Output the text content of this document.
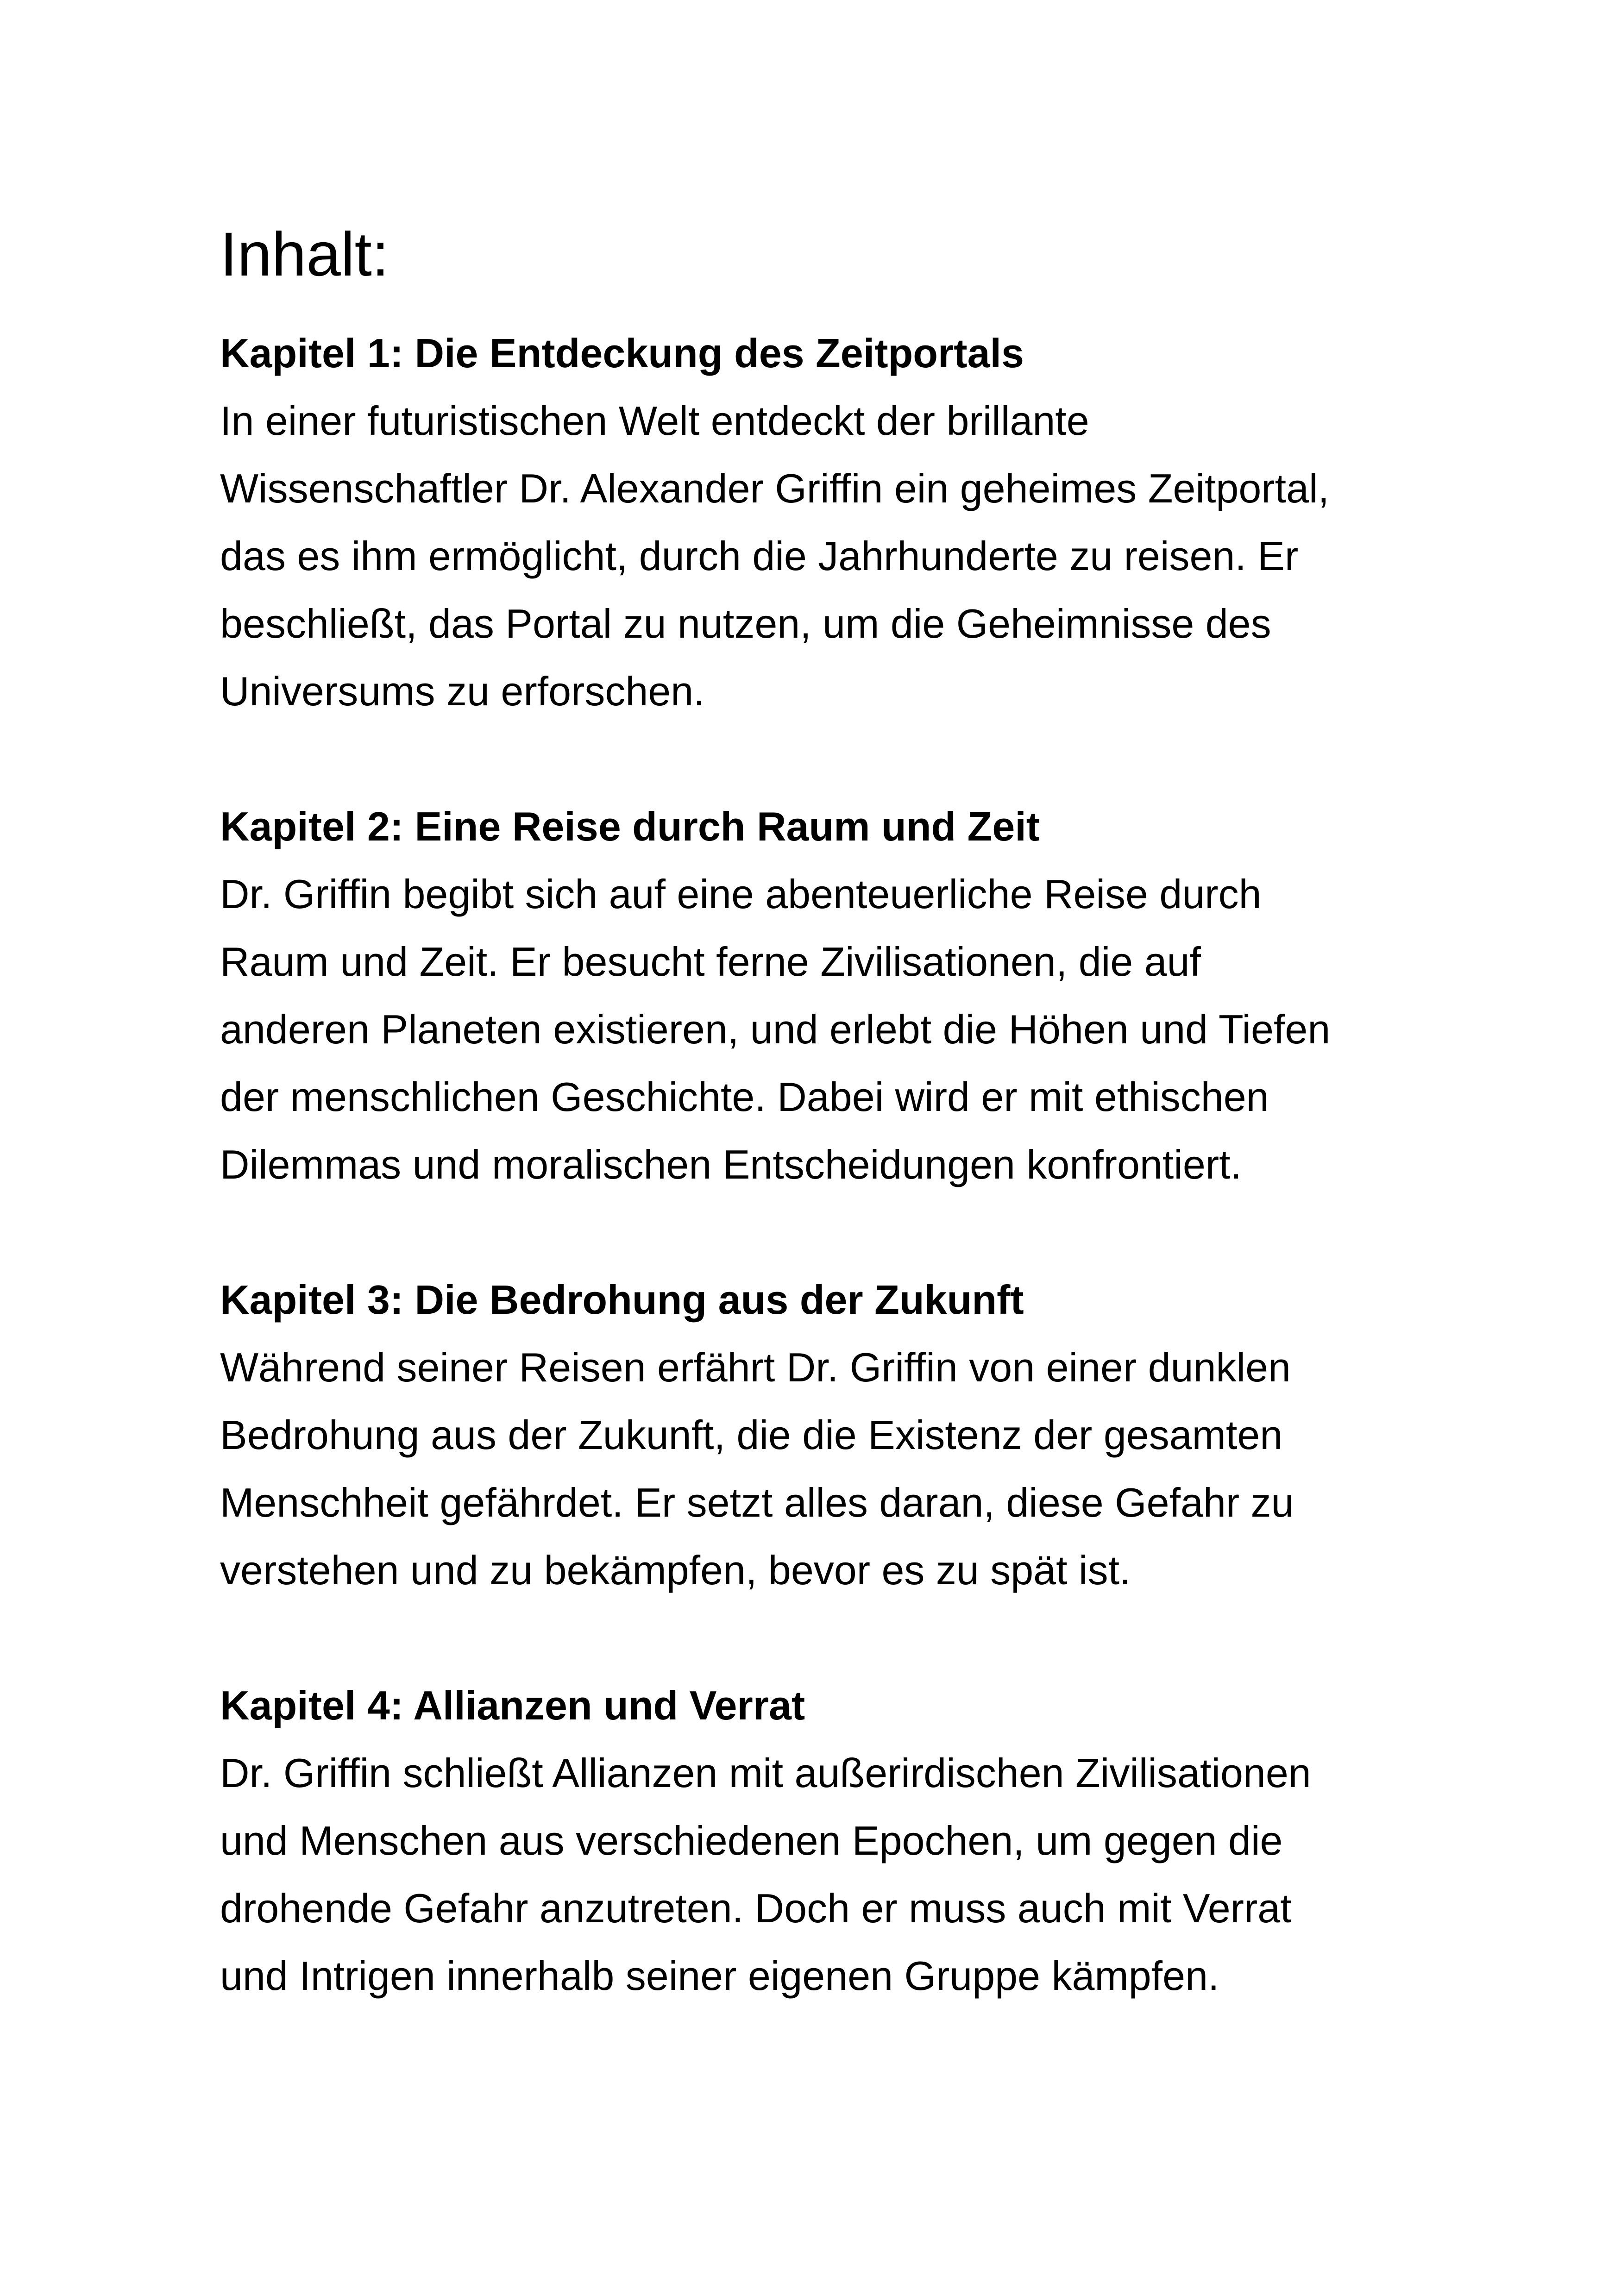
Inhalt:

Kapitel 1: Die Entdeckung des Zeitportals

In einer futuristischen Welt entdeckt der brillante

Wissenschaftler Dr. Alexander Griffin ein geheimes Zeitportal,

das es ihm ermöglicht, durch die Jahrhunderte zu reisen. Er

beschließt, das Portal zu nutzen, um die Geheimnisse des

Universums zu erforschen.

Kapitel 2: Eine Reise durch Raum und Zeit

Dr. Griffin begibt sich auf eine abenteuerliche Reise durch

Raum und Zeit. Er besucht ferne Zivilisationen, die auf

anderen Planeten existieren, und erlebt die Höhen und Tiefen

der menschlichen Geschichte. Dabei wird er mit ethischen

Dilemmas und moralischen Entscheidungen konfrontiert.

Kapitel 3: Die Bedrohung aus der Zukunft

Während seiner Reisen erfährt Dr. Griffin von einer dunklen

Bedrohung aus der Zukunft, die die Existenz der gesamten

Menschheit gefährdet. Er setzt alles daran, diese Gefahr zu

verstehen und zu bekämpfen, bevor es zu spät ist.

Kapitel 4: Allianzen und Verrat

Dr. Griffin schließt Allianzen mit außerirdischen Zivilisationen

und Menschen aus verschiedenen Epochen, um gegen die

drohende Gefahr anzutreten. Doch er muss auch mit Verrat

und Intrigen innerhalb seiner eigenen Gruppe kämpfen.
